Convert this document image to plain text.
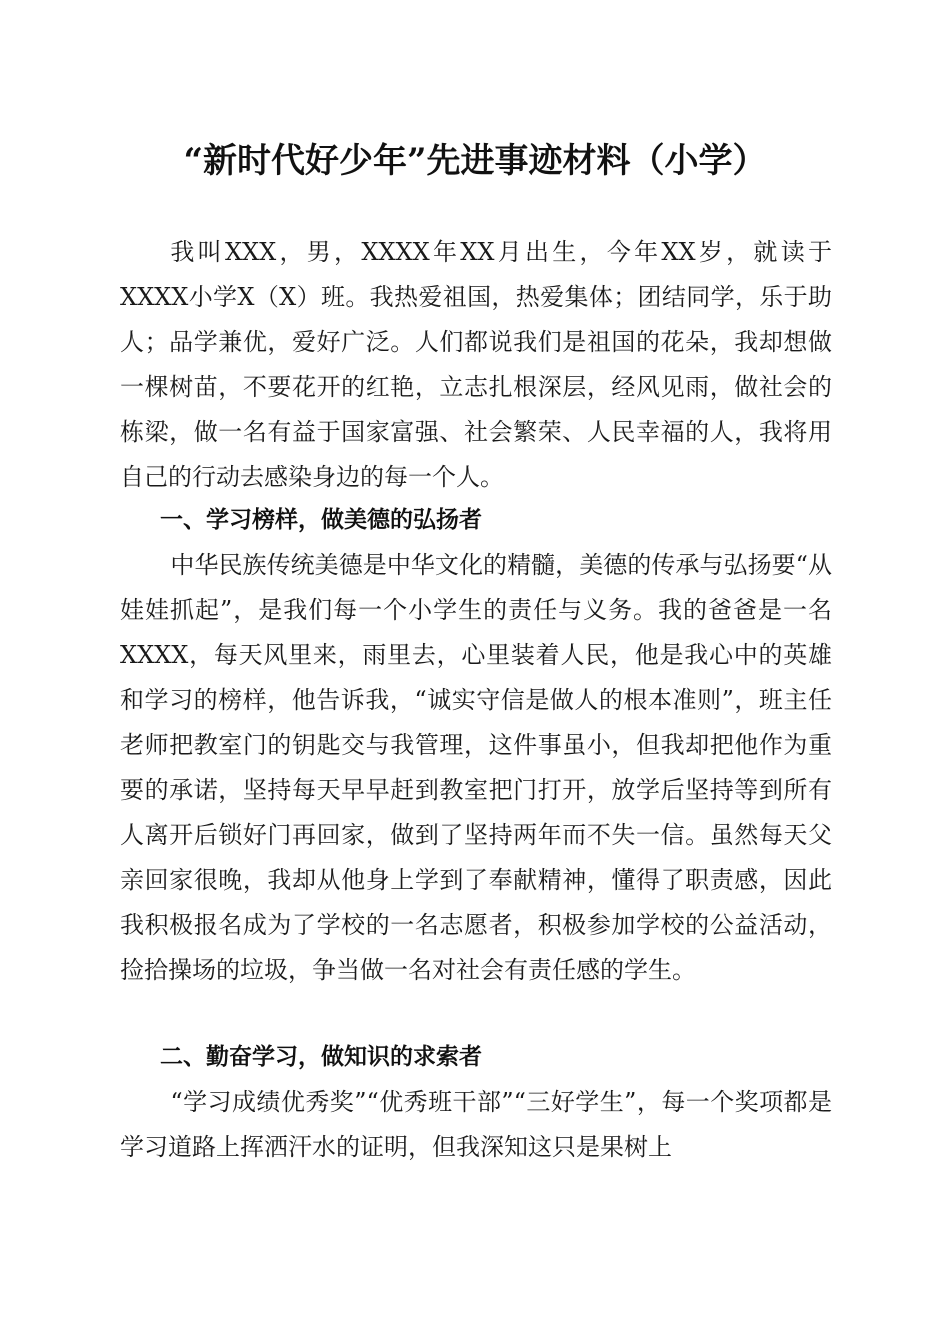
“新时代好少年”先进事迹材料（小学）

我叫XXX，男，XXXX年XX月出生，今年XX岁，就读于XXXX小学X（X）班。我热爱祖国，热爱集体；团结同学，乐于助人；品学兼优，爱好广泛。人们都说我们是祖国的花朵，我却想做一棵树苗，不要花开的红艳，立志扎根深层，经风见雨，做社会的栋梁，做一名有益于国家富强、社会繁荣、人民幸福的人，我将用自己的行动去感染身边的每一个人。

一、学习榜样，做美德的弘扬者

中华民族传统美德是中华文化的精髓，美德的传承与弘扬要“从娃娃抓起”，是我们每一个小学生的责任与义务。我的爸爸是一名XXXX，每天风里来，雨里去，心里装着人民，他是我心中的英雄和学习的榜样，他告诉我，“诚实守信是做人的根本准则”，班主任老师把教室门的钥匙交与我管理，这件事虽小，但我却把他作为重要的承诺，坚持每天早早赶到教室把门打开，放学后坚持等到所有人离开后锁好门再回家，做到了坚持两年而不失一信。虽然每天父亲回家很晚，我却从他身上学到了奉献精神，懂得了职责感，因此我积极报名成为了学校的一名志愿者，积极参加学校的公益活动，捡拾操场的垃圾，争当做一名对社会有责任感的学生。

二、勤奋学习，做知识的求索者

“学习成绩优秀奖”“优秀班干部”“三好学生”，每一个奖项都是学习道路上挥洒汗水的证明，但我深知这只是果树上
